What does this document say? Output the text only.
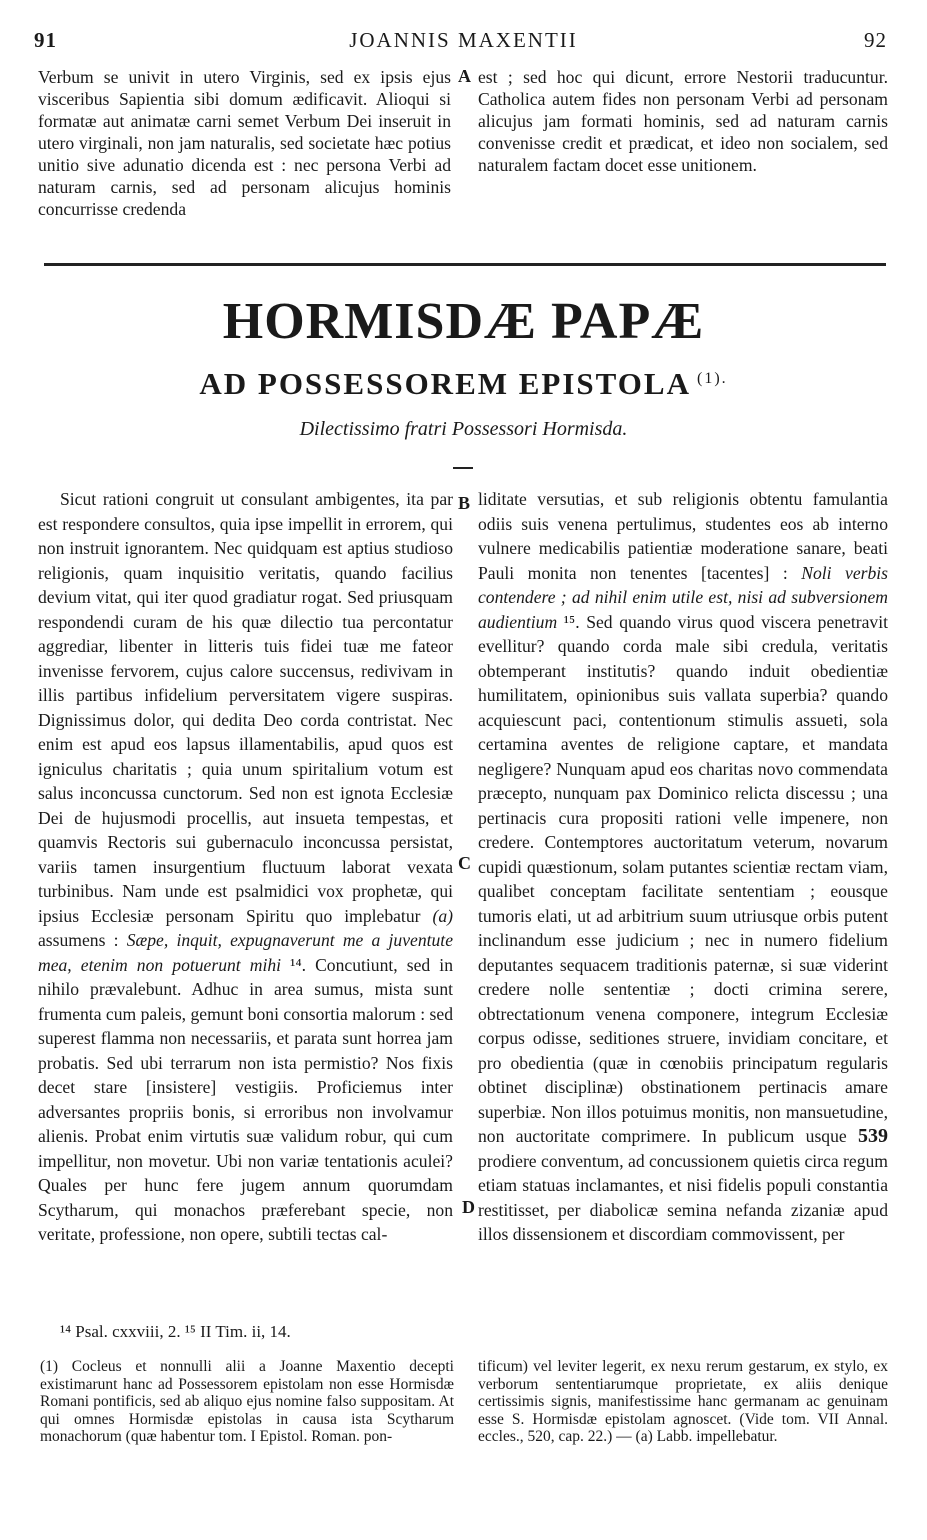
91	JOANNIS MAXENTII	92

Verbum se univit in utero Virginis, sed ex ipsis ejus visceribus Sapientia sibi domum ædificavit. Alioqui si formatæ aut animatæ carni semet Verbum Dei inseruit in utero virginali, non jam naturalis, sed societate hæc potius unitio sive adunatio dicenda est : nec persona Verbi ad naturam carnis, sed ad personam alicujus hominis concurrisse credenda

est ; sed hoc qui dicunt, errore Nestorii traducuntur. Catholica autem fides non personam Verbi ad personam alicujus jam formati hominis, sed ad naturam carnis convenisse credit et prædicat, et ideo non socialem, sed naturalem factam docet esse unitionem.

A
HORMISDÆ PAPÆ
AD POSSESSOREM EPISTOLA $^{(1).}$
Dilectissimo fratri Possessori Hormisda.

Sicut rationi congruit ut consulant ambigentes, ita par est respondere consultos, quia ipse impellit in errorem, qui non instruit ignorantem. Nec quidquam est aptius studioso religionis, quam inquisitio veritatis, quando facilius devium vitat, qui iter quod gradiatur rogat. Sed priusquam respondendi curam de his quæ dilectio tua percontatur aggrediar, libenter in litteris tuis fidei tuæ me fateor invenisse fervorem, cujus calore succensus, redivivam in illis partibus infidelium perversitatem vigere suspiras. Dignissimus dolor, qui dedita Deo corda contristat. Nec enim est apud eos lapsus illamentabilis, apud quos est igniculus charitatis ; quia unum spiritalium votum est salus inconcussa cunctorum. Sed non est ignota Ecclesiæ Dei de hujusmodi procellis, aut insueta tempestas, et quamvis Rectoris sui gubernaculo inconcussa persistat, variis tamen insurgentium fluctuum laborat vexata turbinibus. Nam unde est psalmidici vox prophetæ, qui ipsius Ecclesiæ personam Spiritu quo implebatur (a) assumens : Sæpe, inquit, expugnaverunt me a juventute mea, etenim non potuerunt mihi ¹⁴. Concutiunt, sed in nihilo prævalebunt. Adhuc in area sumus, mista sunt frumenta cum paleis, gemunt boni consortia malorum : sed superest flamma non necessariis, et parata sunt horrea jam probatis. Sed ubi terrarum non ista permistio? Nos fixis decet stare [insistere] vestigiis. Proficiemus inter adversantes propriis bonis, si erroribus non involvamur alienis. Probat enim virtutis suæ validum robur, qui cum impellitur, non movetur. Ubi non variæ tentationis aculei? Quales per hunc fere jugem annum quorumdam Scytharum, qui monachos præferebant specie, non veritate, professione, non opere, subtili tectas cal-

liditate versutias, et sub religionis obtentu famulantia odiis suis venena pertulimus, studentes eos ab interno vulnere medicabilis patientiæ moderatione sanare, beati Pauli monita non tenentes [tacentes] : Noli verbis contendere ; ad nihil enim utile est, nisi ad subversionem audientium ¹⁵. Sed quando virus quod viscera penetravit evellitur? quando corda male sibi credula, veritatis obtemperant institutis? quando induit obedientiæ humilitatem, opinionibus suis vallata superbia? quando acquiescunt paci, contentionum stimulis assueti, sola certamina aventes de religione captare, et mandata negligere? Nunquam apud eos charitas novo commendata præcepto, nunquam pax Dominico relicta discessu ; una pertinacis cura propositi rationi velle impenere, non credere. Contemptores auctoritatum veterum, novarum cupidi quæstionum, solam putantes scientiæ rectam viam, qualibet conceptam facilitate sententiam ; eousque tumoris elati, ut ad arbitrium suum utriusque orbis putent inclinandum esse judicium ; nec in numero fidelium deputantes sequacem traditionis paternæ, si suæ viderint credere nolle sententiæ ; docti crimina serere, obtrectationum venena componere, integrum Ecclesiæ corpus odisse, seditiones struere, invidiam concitare, et pro obedientia (quæ in cœnobiis principatum regularis obtinet disciplinæ) obstinationem pertinacis amare superbiæ. Non illos potuimus monitis, non mansuetudine, non auctoritate comprimere. In publicum usque 539 prodiere conventum, ad concussionem quietis circa regum etiam statuas inclamantes, et nisi fidelis populi constantia restitisset, per diabolicæ semina nefanda zizaniæ apud illos dissensionem et discordiam commovissent, per

B
C
D
¹⁴ Psal. cxxviii, 2. ¹⁵ II Tim. ii, 14.

(1) Cocleus et nonnulli alii a Joanne Maxentio decepti existimarunt hanc ad Possessorem epistolam non esse Hormisdæ Romani pontificis, sed ab aliquo ejus nomine falso suppositam. At qui omnes Hormisdæ epistolas in causa ista Scytharum monachorum (quæ habentur tom. I Epistol. Roman. pon-

tificum) vel leviter legerit, ex nexu rerum gestarum, ex stylo, ex verborum sententiarumque proprietate, ex aliis denique certissimis signis, manifestissime hanc germanam ac genuinam esse S. Hormisdæ epistolam agnoscet. (Vide tom. VII Annal. eccles., 520, cap. 22.) — (a) Labb. impellebatur.
